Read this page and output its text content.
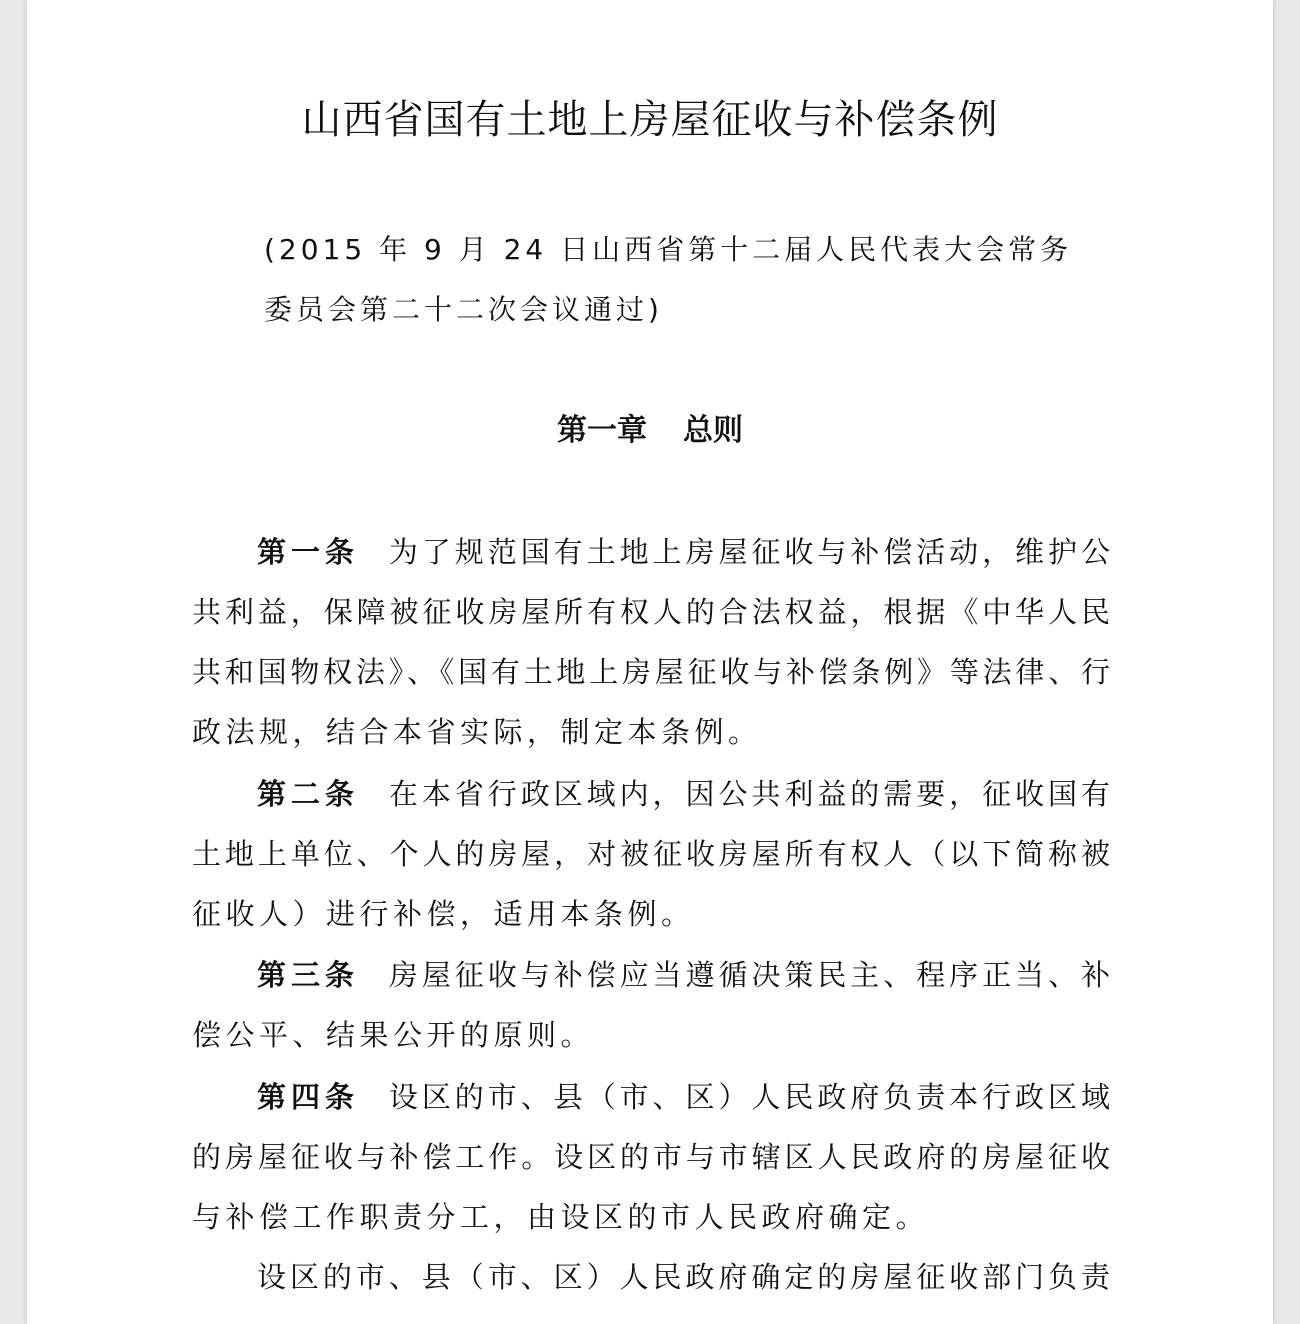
山西省国有土地上房屋征收与补偿条例
(2015 年 9 月 24 日山西省第十二届人民代表大会常务
委员会第二十二次会议通过)
第一章 总则
第一条 为了规范国有土地上房屋征收与补偿活动，维护公
共利益，保障被征收房屋所有权人的合法权益，根据《中华人民
共和国物权法》、《国有土地上房屋征收与补偿条例》等法律、行
政法规，结合本省实际，制定本条例。
第二条 在本省行政区域内，因公共利益的需要，征收国有
土地上单位、个人的房屋，对被征收房屋所有权人（以下简称被
征收人）进行补偿，适用本条例。
第三条 房屋征收与补偿应当遵循决策民主、程序正当、补
偿公平、结果公开的原则。
第四条 设区的市、县（市、区）人民政府负责本行政区域
的房屋征收与补偿工作。设区的市与市辖区人民政府的房屋征收
与补偿工作职责分工，由设区的市人民政府确定。
设区的市、县（市、区）人民政府确定的房屋征收部门负责
